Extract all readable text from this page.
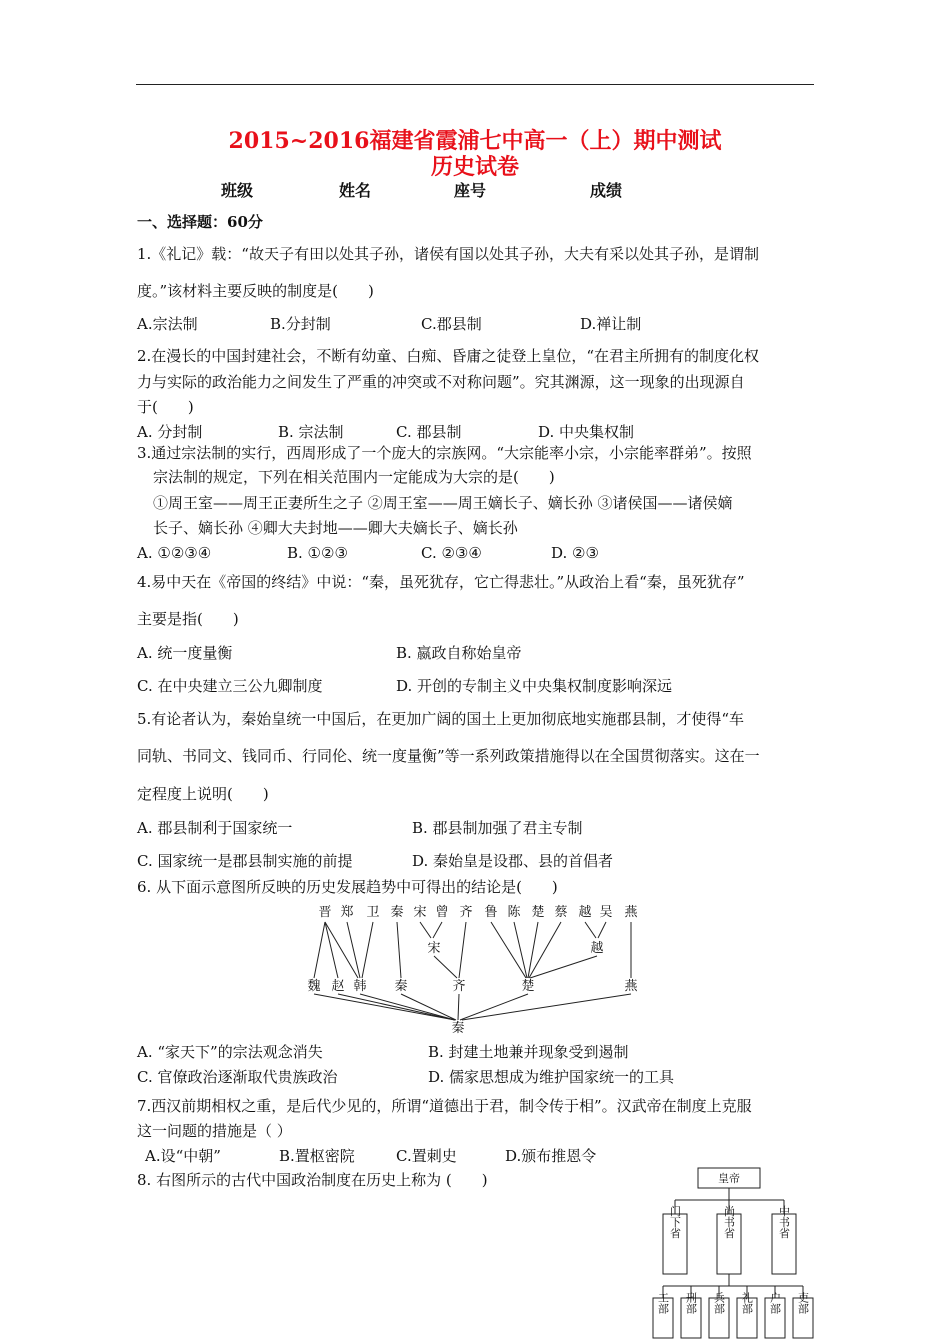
2015~2016福建省霞浦七中高一（上）期中测试
历史试卷
班级	姓名	座号	成绩
一、选择题：60分
1.《礼记》载：“故天子有田以处其子孙，诸侯有国以处其子孙，大夫有采以处其子孙，是谓制
度。”该材料主要反映的制度是(　　)
A.宗法制	B.分封制	C.郡县制	D.禅让制
2.在漫长的中国封建社会，不断有幼童、白痴、昏庸之徒登上皇位，“在君主所拥有的制度化权
力与实际的政治能力之间发生了严重的冲突或不对称问题”。究其渊源，这一现象的出现源自
于(　　)
A. 分封制	B. 宗法制	C. 郡县制	D. 中央集权制
3.通过宗法制的实行，西周形成了一个庞大的宗族网。“大宗能率小宗，小宗能率群弟”。按照
宗法制的规定，下列在相关范围内一定能成为大宗的是(　　)
①周王室——周王正妻所生之子 ②周王室——周王嫡长子、嫡长孙 ③诸侯国——诸侯嫡
长子、嫡长孙 ④卿大夫封地——卿大夫嫡长子、嫡长孙
A. ①②③④	B. ①②③	C. ②③④	D. ②③
4.易中天在《帝国的终结》中说：“秦，虽死犹存，它亡得悲壮。”从政治上看“秦，虽死犹存”
主要是指(　　)
A. 统一度量衡	B. 嬴政自称始皇帝
C. 在中央建立三公九卿制度	D. 开创的专制主义中央集权制度影响深远
5.有论者认为，秦始皇统一中国后，在更加广阔的国土上更加彻底地实施郡县制，才使得“车
同轨、书同文、钱同币、行同伦、统一度量衡”等一系列政策措施得以在全国贯彻落实。这在一
定程度上说明(　　)
A. 郡县制利于国家统一	B. 郡县制加强了君主专制
C. 国家统一是郡县制实施的前提	D. 秦始皇是设郡、县的首倡者
6. 从下面示意图所反映的历史发展趋势中可得出的结论是(　　)
晋 郑 卫 秦 宋 曾 齐 鲁 陈 楚 蔡 越 吴 燕
宋	越
魏 赵 韩 秦	齐	楚	燕
秦
A. “家天下”的宗法观念消失	B. 封建土地兼并现象受到遏制
C. 官僚政治逐渐取代贵族政治	D. 儒家思想成为维护国家统一的工具
7.西汉前期相权之重，是后代少见的，所谓“道德出于君，制令传于相”。汉武帝在制度上克服
这一问题的措施是（ ）
A.设“中朝”	B.置枢密院	C.置刺史	D.颁布推恩令
8. 右图所示的古代中国政治制度在历史上称为 (　　)	皇帝
门下省	尚书省	中书省
工部 刑部 兵部 礼部 户部 吏部
